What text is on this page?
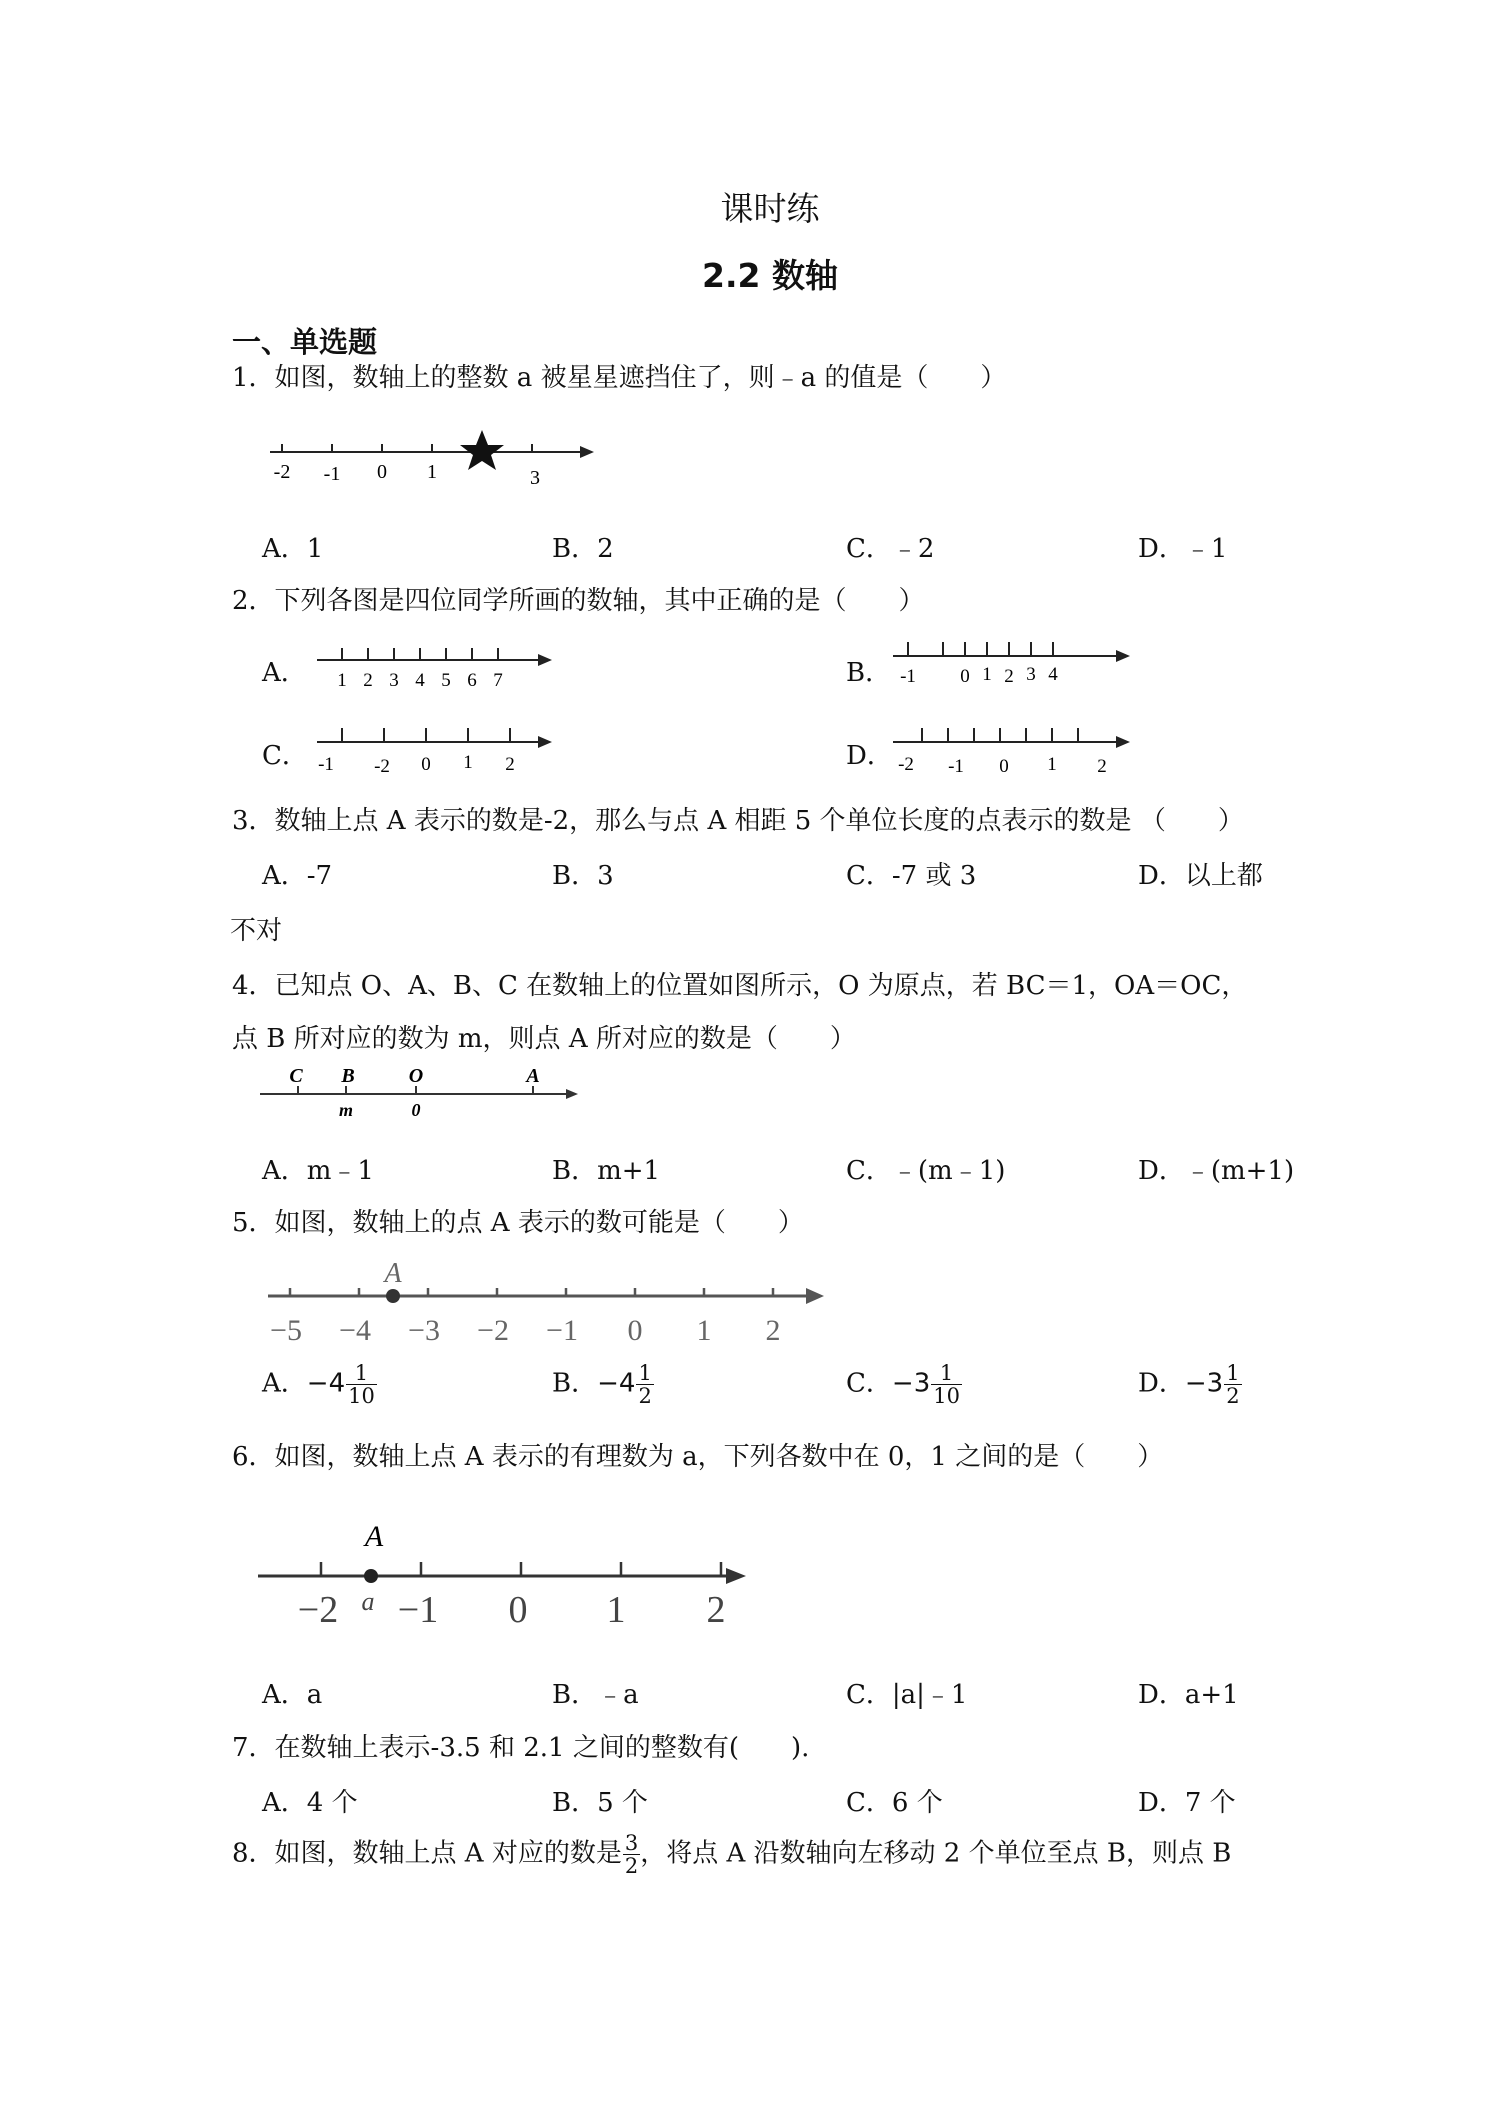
课时练
2.2 数轴
一、单选题
1．如图，数轴上的整数 a 被星星遮挡住了，则﹣a 的值是（　　）
-2 -1 0 1	3
A．1	B．2	C．﹣2	D．﹣1
2．下列各图是四位同学所画的数轴，其中正确的是（　　）
A．	B．
C．	D．
1 2 3 4 5 6 7	-1 0 1 2 3 4
-1 -2 0 1 2	-2 -1 0 1 2
3．数轴上点 A 表示的数是-2，那么与点 A 相距 5 个单位长度的点表示的数是 （　　）
A．-7	B．3	C．-7 或 3	D．以上都
不对
4．已知点 O、A、B、C 在数轴上的位置如图所示，O 为原点，若 BC＝1，OA＝OC，
点 B 所对应的数为 m，则点 A 所对应的数是（　　）
C B	O	A
m	0
A．m﹣1	B．m+1	C．﹣(m﹣1)	D．﹣(m+1)
5．如图，数轴上的点 A 表示的数可能是（　　）
A
−5 −4 −3 −2 −1 0 1 2
A．$-4 \frac{1}{10}$	B．$-4 \frac{1}{2}$	C．$-3 \frac{1}{10}$	D．$-3 \frac{1}{2}$
6．如图，数轴上点 A 表示的有理数为 a，下列各数中在 0，1 之间的是（　　）
A
a
−2 −1 0 1 2
A．a	B．﹣a	C．|a|﹣1	D．a+1
7．在数轴上表示-3.5 和 2.1 之间的整数有(　　).
A．4 个	B．5 个	C．6 个	D．7 个
8．如图，数轴上点 A 对应的数是 $\frac{3}{2}$ ，将点 A 沿数轴向左移动 2 个单位至点 B，则点 B
